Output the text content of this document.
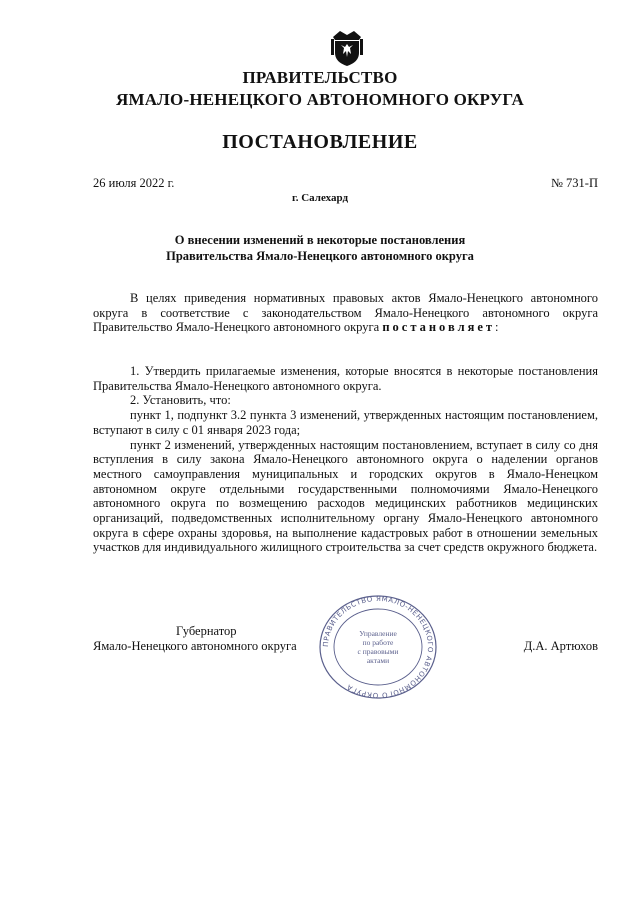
ПРАВИТЕЛЬСТВО
ЯМАЛО-НЕНЕЦКОГО АВТОНОМНОГО ОКРУГА
ПОСТАНОВЛЕНИЕ
26 июля 2022 г.	№ 731-П
г. Салехард
О внесении изменений в некоторые постановления
Правительства Ямало-Ненецкого автономного округа

В целях приведения нормативных правовых актов Ямало-Ненецкого автономного округа в соответствие с законодательством Ямало-Ненецкого автономного округа Правительство Ямало-Ненецкого автономного округа постановляет:

1. Утвердить прилагаемые изменения, которые вносятся в некоторые постановления Правительства Ямало-Ненецкого автономного округа.

2. Установить, что:

пункт 1, подпункт 3.2 пункта 3 изменений, утвержденных настоящим постановлением, вступают в силу с 01 января 2023 года;

пункт 2 изменений, утвержденных настоящим постановлением, вступает в силу со дня вступления в силу закона Ямало-Ненецкого автономного округа о наделении органов местного самоуправления муниципальных и городских округов в Ямало-Ненецком автономном округе отдельными государственными полномочиями Ямало-Ненецкого автономного округа по возмещению расходов медицинских работников медицинских организаций, подведомственных исполнительному органу Ямало-Ненецкого автономного округа в сфере охраны здоровья, на выполнение кадастровых работ в отношении земельных участков для индивидуального жилищного строительства за счет средств окружного бюджета.

Губернатор
Ямало-Ненецкого автономного округа	Д.А. Артюхов
ПРАВИТЕЛЬСТВО ЯМАЛО-НЕНЕЦКОГО АВТОНОМНОГО ОКРУГА
Управление
по работе
с правовыми
актами
